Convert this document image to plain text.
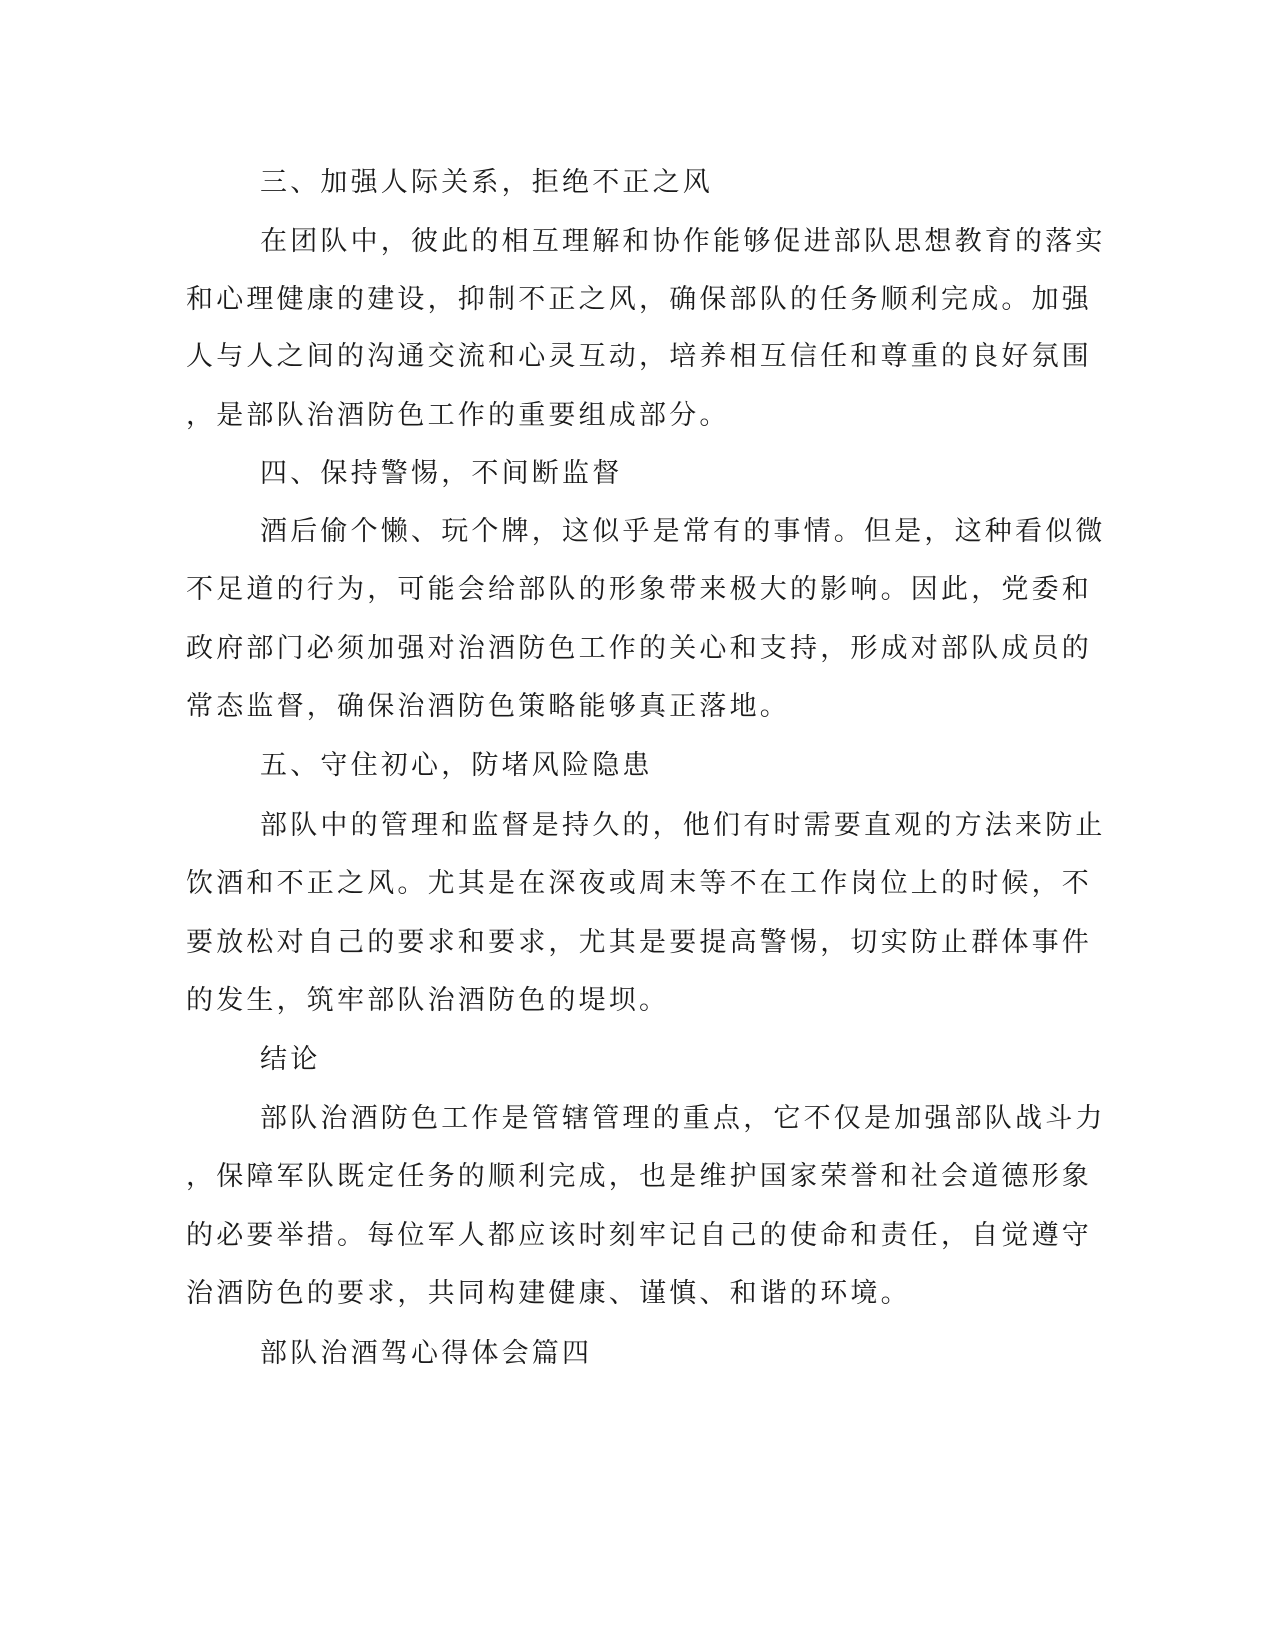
三、加强人际关系，拒绝不正之风
在团队中，彼此的相互理解和协作能够促进部队思想教育的落实
和心理健康的建设，抑制不正之风，确保部队的任务顺利完成。加强
人与人之间的沟通交流和心灵互动，培养相互信任和尊重的良好氛围
，是部队治酒防色工作的重要组成部分。
四、保持警惕，不间断监督
酒后偷个懒、玩个牌，这似乎是常有的事情。但是，这种看似微
不足道的行为，可能会给部队的形象带来极大的影响。因此，党委和
政府部门必须加强对治酒防色工作的关心和支持，形成对部队成员的
常态监督，确保治酒防色策略能够真正落地。
五、守住初心，防堵风险隐患
部队中的管理和监督是持久的，他们有时需要直观的方法来防止
饮酒和不正之风。尤其是在深夜或周末等不在工作岗位上的时候，不
要放松对自己的要求和要求，尤其是要提高警惕，切实防止群体事件
的发生，筑牢部队治酒防色的堤坝。
结论
部队治酒防色工作是管辖管理的重点，它不仅是加强部队战斗力
，保障军队既定任务的顺利完成，也是维护国家荣誉和社会道德形象
的必要举措。每位军人都应该时刻牢记自己的使命和责任，自觉遵守
治酒防色的要求，共同构建健康、谨慎、和谐的环境。
部队治酒驾心得体会篇四
